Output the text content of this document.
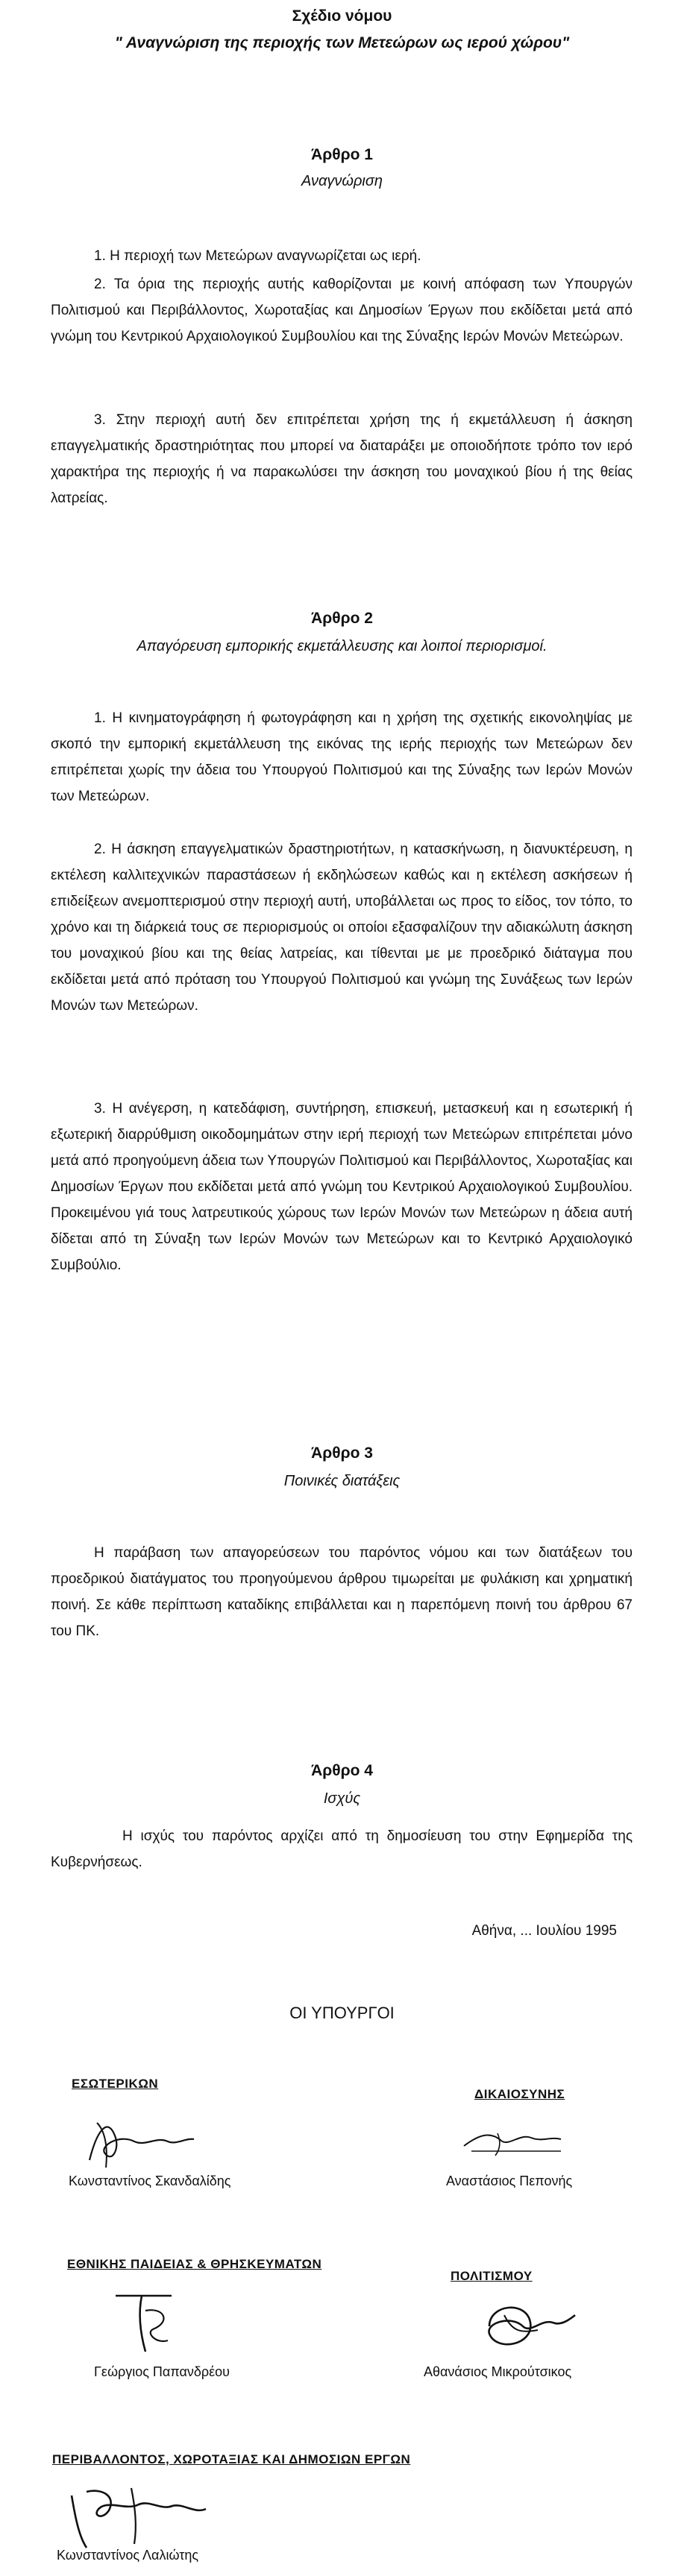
Σχέδιο νόμου
" Αναγνώριση της περιοχής των Μετεώρων ως ιερού χώρου"
Άρθρο 1
Αναγνώριση
1. Η περιοχή των Μετεώρων αναγνωρίζεται ως ιερή.
2. Τα όρια της περιοχής αυτής καθορίζονται με κοινή απόφαση των Υπουργών Πολιτισμού και Περιβάλλοντος, Χωροταξίας και Δημοσίων Έργων που εκδίδεται μετά από γνώμη του Κεντρικού Αρχαιολογικού Συμβουλίου και της Σύναξης Ιερών Μονών Μετεώρων.
3. Στην περιοχή αυτή δεν επιτρέπεται χρήση της ή εκμετάλλευση ή άσκηση επαγγελματικής δραστηριότητας που μπορεί να διαταράξει με οποιοδήποτε τρόπο τον ιερό χαρακτήρα της περιοχής ή να παρακωλύσει την άσκηση του μοναχικού βίου ή της θείας λατρείας.
Άρθρο 2
Απαγόρευση εμπορικής εκμετάλλευσης και λοιποί περιορισμοί.
1. Η κινηματογράφηση ή φωτογράφηση και η χρήση της σχετικής εικονοληψίας με σκοπό την εμπορική εκμετάλλευση της εικόνας της ιερής περιοχής των Μετεώρων δεν επιτρέπεται χωρίς την άδεια του Υπουργού Πολιτισμού και της Σύναξης των Ιερών Μονών των Μετεώρων.
2. Η άσκηση επαγγελματικών δραστηριοτήτων, η κατασκήνωση, η διανυκτέρευση, η εκτέλεση καλλιτεχνικών παραστάσεων ή εκδηλώσεων καθώς και η εκτέλεση ασκήσεων ή επιδείξεων ανεμοπτερισμού στην περιοχή αυτή, υποβάλλεται ως προς το είδος, τον τόπο, το χρόνο και τη διάρκειά τους σε περιορισμούς οι οποίοι εξασφαλίζουν την αδιακώλυτη άσκηση του μοναχικού βίου και της θείας λατρείας, και τίθενται με με προεδρικό διάταγμα που εκδίδεται μετά από πρόταση του Υπουργού Πολιτισμού και γνώμη της Συνάξεως των Ιερών Μονών των Μετεώρων.
3. Η ανέγερση, η κατεδάφιση, συντήρηση, επισκευή, μετασκευή και η εσωτερική ή εξωτερική διαρρύθμιση οικοδομημάτων στην ιερή περιοχή των Μετεώρων επιτρέπεται μόνο μετά από προηγούμενη άδεια των Υπουργών Πολιτισμού και Περιβάλλοντος, Χωροταξίας και Δημοσίων Έργων που εκδίδεται μετά από γνώμη του Κεντρικού Αρχαιολογικού Συμβουλίου. Προκειμένου γιά τους λατρευτικούς χώρους των Ιερών Μονών των Μετεώρων η άδεια αυτή δίδεται από τη Σύναξη των Ιερών Μονών των Μετεώρων και το Κεντρικό Αρχαιολογικό Συμβούλιο.
Άρθρο 3
Ποινικές διατάξεις
Η παράβαση των απαγορεύσεων του παρόντος νόμου και των διατάξεων του προεδρικού διατάγματος του προηγούμενου άρθρου τιμωρείται με φυλάκιση και χρηματική ποινή. Σε κάθε περίπτωση καταδίκης επιβάλλεται και η παρεπόμενη ποινή του άρθρου 67 του ΠΚ.
Άρθρο 4
Ισχύς
Η ισχύς του παρόντος αρχίζει από τη δημοσίευση του στην Εφημερίδα της Κυβερνήσεως.
Αθήνα, ... Ιουλίου 1995
ΟΙ ΥΠΟΥΡΓΟΙ
ΕΣΩΤΕΡΙΚΩΝ
Κωνσταντίνος Σκανδαλίδης
ΔΙΚΑΙΟΣΥΝΗΣ
Αναστάσιος Πεπονής
ΕΘΝΙΚΗΣ ΠΑΙΔΕΙΑΣ & ΘΡΗΣΚΕΥΜΑΤΩΝ
Γεώργιος Παπανδρέου
ΠΟΛΙΤΙΣΜΟΥ
Αθανάσιος Μικρούτσικος
ΠΕΡΙΒΑΛΛΟΝΤΟΣ, ΧΩΡΟΤΑΞΙΑΣ ΚΑΙ ΔΗΜΟΣΙΩΝ ΕΡΓΩΝ
Κωνσταντίνος Λαλιώτης
